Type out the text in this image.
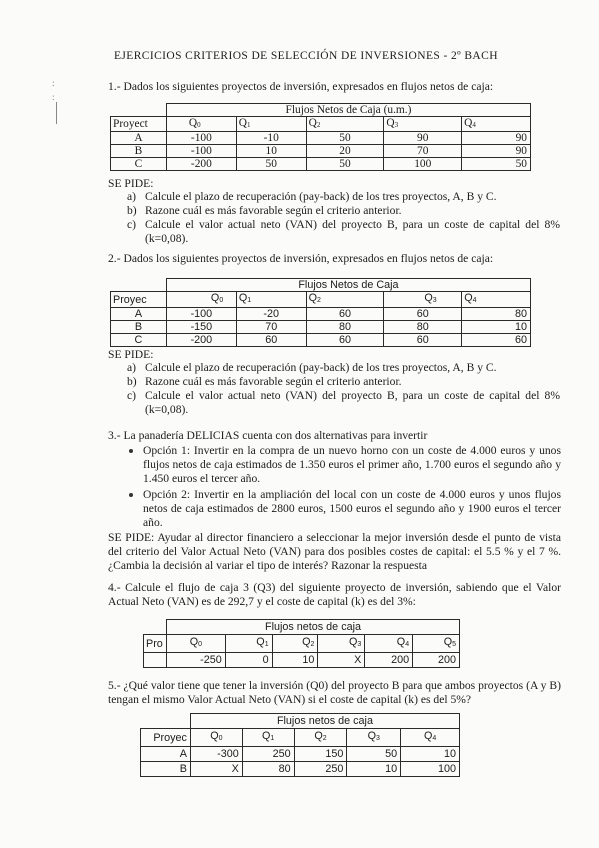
:
:
EJERCICIOS CRITERIOS DE SELECCIÓN DE INVERSIONES - 2º BACH
1.- Dados los siguientes proyectos de inversión, expresados en flujos netos de caja:
	Flujos Netos de Caja (u.m.)				
Proyect	$Q_0$	$Q_1$	$Q_2$	$Q_3$	$Q_4$
A	-100	-10	50	90	90
B	-100	10	20	70	90
C	-200	50	50	100	50
SE PIDE:
a) Calcule el plazo de recuperación (pay-back) de los tres proyectos, A, B y C.
b) Razone cuál es más favorable según el criterio anterior.
c) Calcule el valor actual neto (VAN) del proyecto B, para un coste de capital del 8% (k=0,08).
2.- Dados los siguientes proyectos de inversión, expresados en flujos netos de caja:
	Flujos Netos de Caja				
Proyec	$Q_0$	$Q_1$	$Q_2$	$Q_3$	$Q_4$
A	-100	-20	60	60	80
B	-150	70	80	80	10
C	-200	60	60	60	60
SE PIDE:
a) Calcule el plazo de recuperación (pay-back) de los tres proyectos, A, B y C.
b) Razone cuál es más favorable según el criterio anterior.
c) Calcule el valor actual neto (VAN) del proyecto B, para un coste de capital del 8% (k=0,08).
3.- La panadería DELICIAS cuenta con dos alternativas para invertir
Opción 1: Invertir en la compra de un nuevo horno con un coste de 4.000 euros y unos flujos netos de caja estimados de 1.350 euros el primer año, 1.700 euros el segundo año y 1.450 euros el tercer año.
Opción 2: Invertir en la ampliación del local con un coste de 4.000 euros y unos flujos netos de caja estimados de 2800 euros, 1500 euros el segundo año y 1900 euros el tercer año.
SE PIDE: Ayudar al director financiero a seleccionar la mejor inversión desde el punto de vista del criterio del Valor Actual Neto (VAN) para dos posibles costes de capital: el 5.5 % y el 7 %. ¿Cambia la decisión al variar el tipo de interés? Razonar la respuesta
4.- Calcule el flujo de caja 3 (Q3) del siguiente proyecto de inversión, sabiendo que el Valor Actual Neto (VAN) es de 292,7 y el coste de capital (k) es del 3%:
	Flujos netos de caja					
Pro	$Q_0$	$Q_1$	$Q_2$	$Q_3$	$Q_4$	$Q_5$
	-250	0	10	X	200	200
5.- ¿Qué valor tiene que tener la inversión (Q0) del proyecto B para que ambos proyectos (A y B) tengan el mismo Valor Actual Neto (VAN) si el coste de capital (k) es del 5%?
	Flujos netos de caja				
Proyec	$Q_0$	$Q_1$	$Q_2$	$Q_3$	$Q_4$
A	-300	250	150	50	10
B	X	80	250	10	100
